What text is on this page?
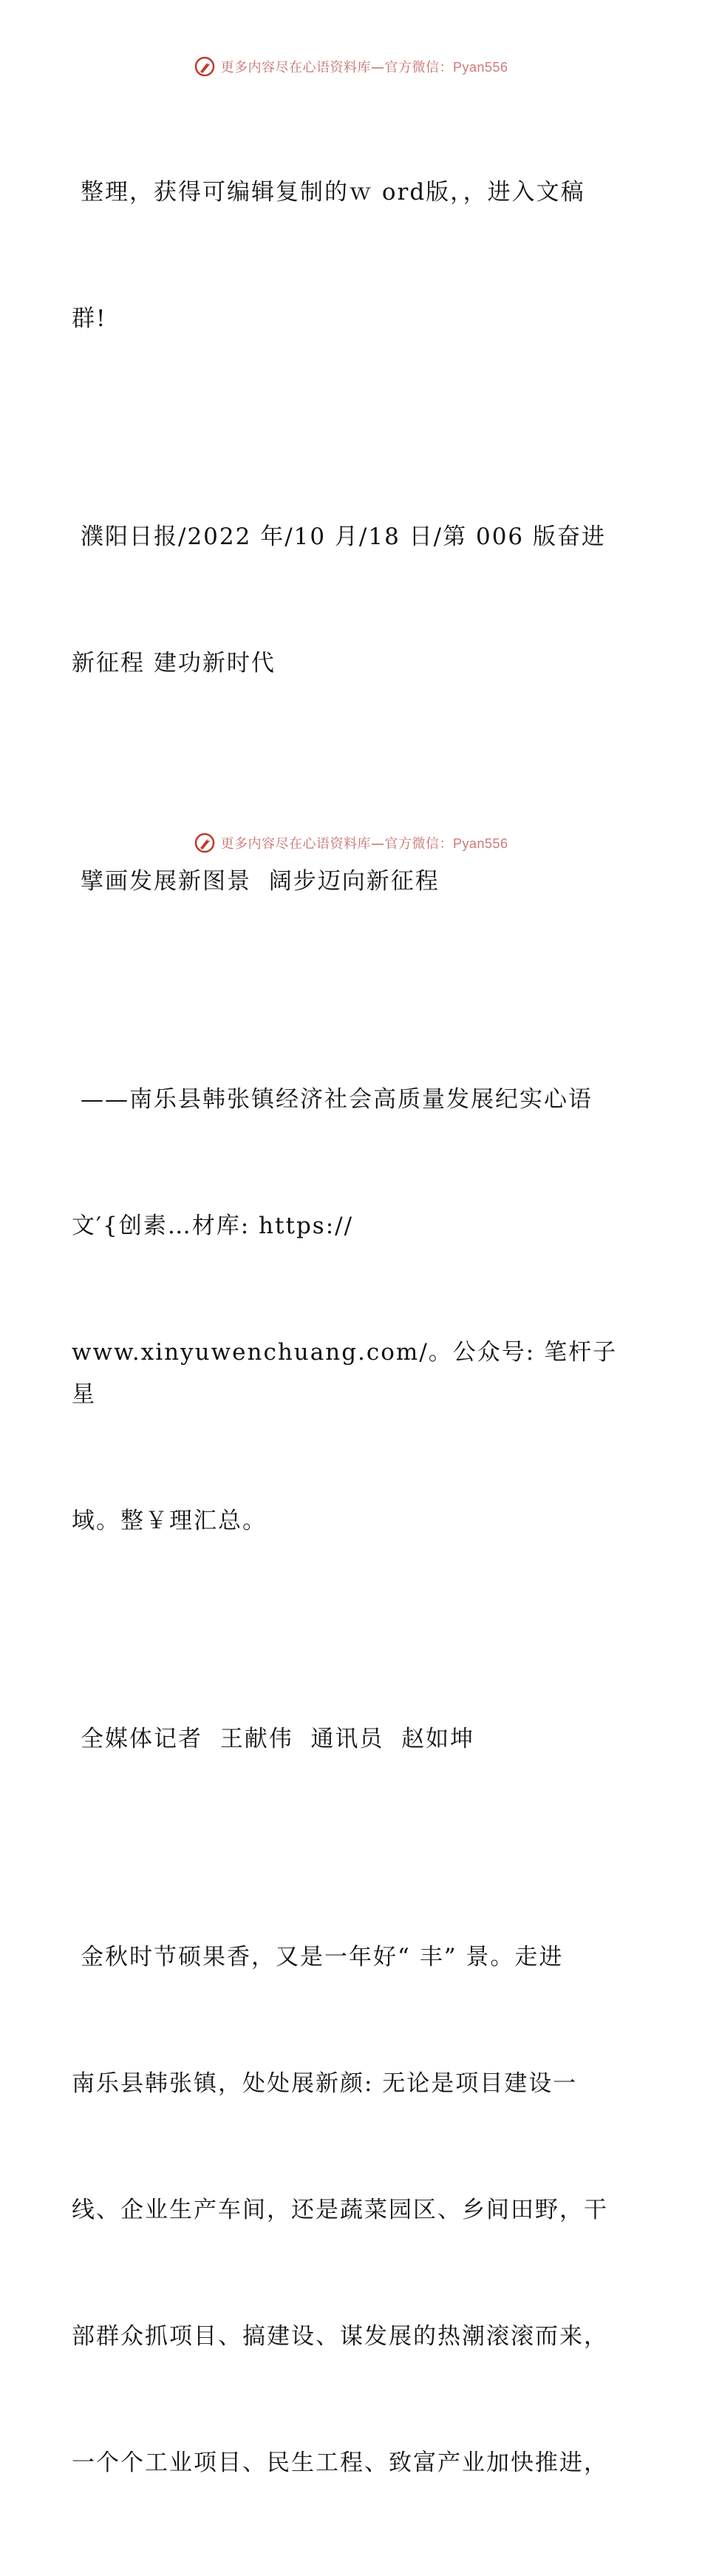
更多内容尽在心语资料库—官方微信：Pyan556

整理，获得可编辑复制的ｗ ord版，，进入文稿

群!

濮阳日报/2022 年/10 月/18 日/第 006 版奋进

新征程 建功新时代

擘画发展新图景  阔步迈向新征程

——南乐县韩张镇经济社会高质量发展纪实心语

文′{创素…材库: https://

www.xinyuwenchuang.com/。公众号: 笔杆子星

域。整￥理汇总。

全媒体记者  王献伟  通讯员  赵如坤

金秋时节硕果香，又是一年好“ 丰” 景。走进

南乐县韩张镇，处处展新颜: 无论是项目建设一

线、企业生产车间，还是蔬菜园区、乡间田野，干

部群众抓项目、搞建设、谋发展的热潮滚滚而来，

一个个工业项目、民生工程、致富产业加快推进，

更多内容尽在心语资料库—官方微信：Pyan556
